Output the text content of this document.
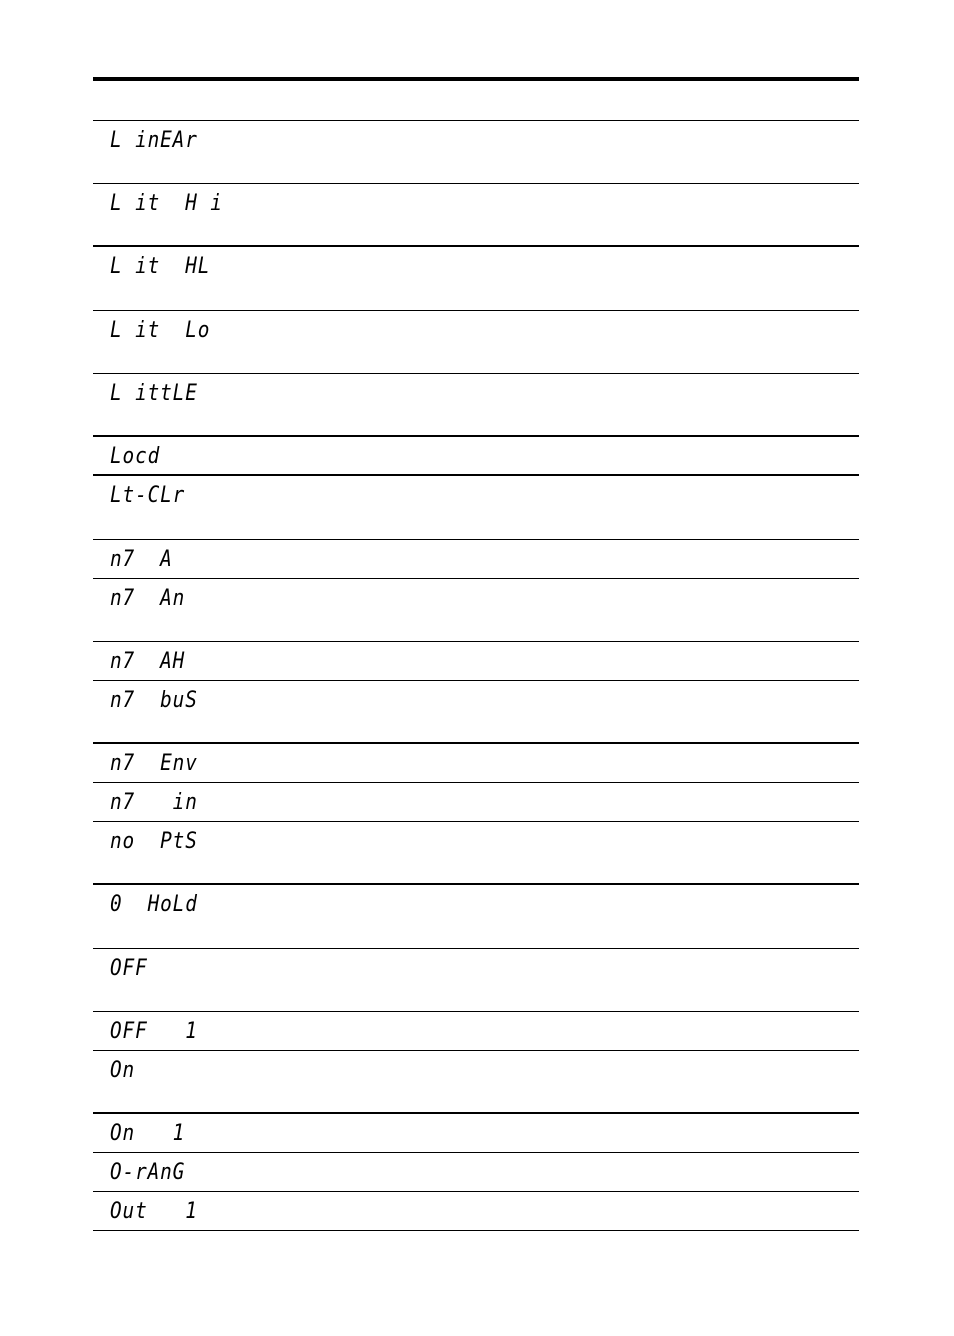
L inEAr
L it  H i
L it  HL
L it  Lo
L ittLE
Locd
Lt-CLr
n7  A
n7  An
n7  AH
n7  buS
n7  Env
n7   in
no  PtS
0  HoLd
OFF
OFF   1
On
On   1
O-rAnG
Out   1
